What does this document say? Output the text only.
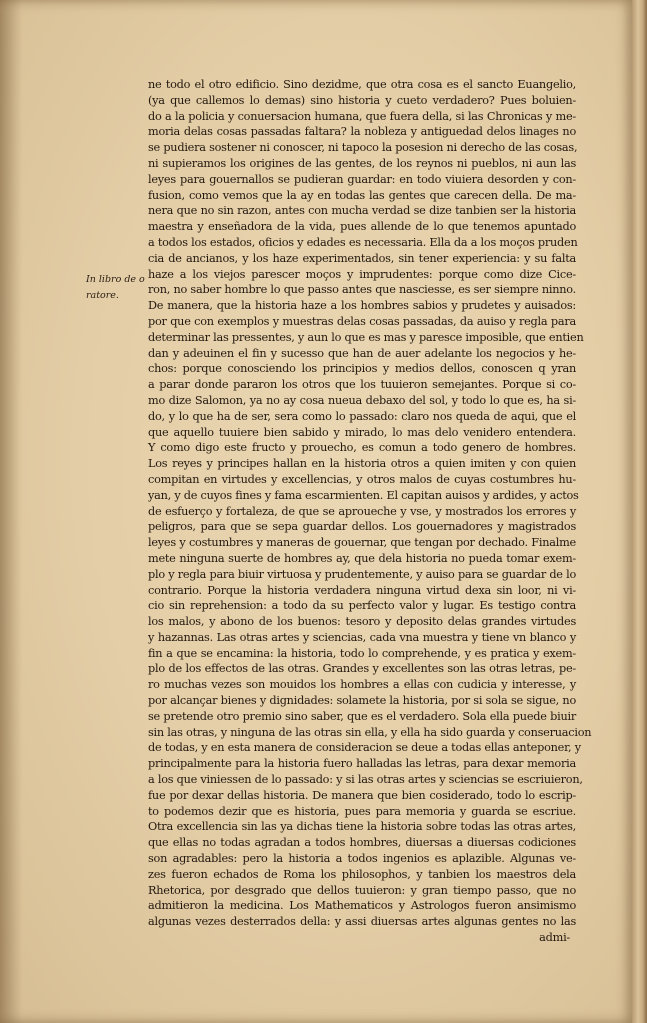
In libro de o
ratore.
ne todo el otro edificio. Sino dezidme, que otra cosa es el sancto Euangelio,
(ya que callemos lo demas) sino historia y cueto verdadero? Pues boluien-
do a la policia y conuersacion humana, que fuera della, si las Chronicas y me-
moria delas cosas passadas faltara? la nobleza y antiguedad delos linages no
se pudiera sostener ni conoscer, ni tapoco la posesion ni derecho de las cosas,
ni supieramos los origines de las gentes, de los reynos ni pueblos, ni aun las
leyes para gouernallos se pudieran guardar: en todo viuiera desorden y con-
fusion, como vemos que la ay en todas las gentes que carecen della. De ma-
nera que no sin razon, antes con mucha verdad se dize tanbien ser la historia
maestra y enseñadora de la vida, pues allende de lo que tenemos apuntado
a todos los estados, oficios y edades es necessaria. Ella da a los moços pruden
cia de ancianos, y los haze experimentados, sin tener experiencia: y su falta
haze a los viejos parescer moços y imprudentes: porque como dize Cice-
ron, no saber hombre lo que passo antes que nasciesse, es ser siempre ninno.
De manera, que la historia haze a los hombres sabios y prudetes y auisados:
por que con exemplos y muestras delas cosas passadas, da auiso y regla para
determinar las pressentes, y aun lo que es mas y paresce imposible, que entien
dan y adeuinen el fin y sucesso que han de auer adelante los negocios y he-
chos: porque conosciendo los principios y medios dellos, conoscen q yran
a parar donde pararon los otros que los tuuieron semejantes. Porque si co-
mo dize Salomon, ya no ay cosa nueua debaxo del sol, y todo lo que es, ha si-
do, y lo que ha de ser, sera como lo passado: claro nos queda de aqui, que el
que aquello tuuiere bien sabido y mirado, lo mas delo venidero entendera.
Y como digo este fructo y prouecho, es comun a todo genero de hombres.
Los reyes y principes hallan en la historia otros a quien imiten y con quien
compitan en virtudes y excellencias, y otros malos de cuyas costumbres hu-
yan, y de cuyos fines y fama escarmienten. El capitan auisos y ardides, y actos
de esfuerço y fortaleza, de que se aproueche y vse, y mostrados los errores y
peligros, para que se sepa guardar dellos. Los gouernadores y magistrados
leyes y costumbres y maneras de gouernar, que tengan por dechado. Finalme
mete ninguna suerte de hombres ay, que dela historia no pueda tomar exem-
plo y regla para biuir virtuosa y prudentemente, y auiso para se guardar de lo
contrario. Porque la historia verdadera ninguna virtud dexa sin loor, ni vi-
cio sin reprehension: a todo da su perfecto valor y lugar. Es testigo contra
los malos, y abono de los buenos: tesoro y deposito delas grandes virtudes
y hazannas. Las otras artes y sciencias, cada vna muestra y tiene vn blanco y
fin a que se encamina: la historia, todo lo comprehende, y es pratica y exem-
plo de los effectos de las otras. Grandes y excellentes son las otras letras, pe-
ro muchas vezes son mouidos los hombres a ellas con cudicia y interesse, y
por alcançar bienes y dignidades: solamete la historia, por si sola se sigue, no
se pretende otro premio sino saber, que es el verdadero. Sola ella puede biuir
sin las otras, y ninguna de las otras sin ella, y ella ha sido guarda y conseruacion
de todas, y en esta manera de consideracion se deue a todas ellas anteponer, y
principalmente para la historia fuero halladas las letras, para dexar memoria
a los que viniessen de lo passado: y si las otras artes y sciencias se escriuieron,
fue por dexar dellas historia. De manera que bien cosiderado, todo lo escrip-
to podemos dezir que es historia, pues para memoria y guarda se escriue.
Otra excellencia sin las ya dichas tiene la historia sobre todas las otras artes,
que ellas no todas agradan a todos hombres, diuersas a diuersas codiciones
son agradables: pero la historia a todos ingenios es aplazible. Algunas ve-
zes fueron echados de Roma los philosophos, y tanbien los maestros dela
Rhetorica, por desgrado que dellos tuuieron: y gran tiempo passo, que no
admitieron la medicina. Los Mathematicos y Astrologos fueron ansimismo
algunas vezes desterrados della: y assi diuersas artes algunas gentes no las
admi-
